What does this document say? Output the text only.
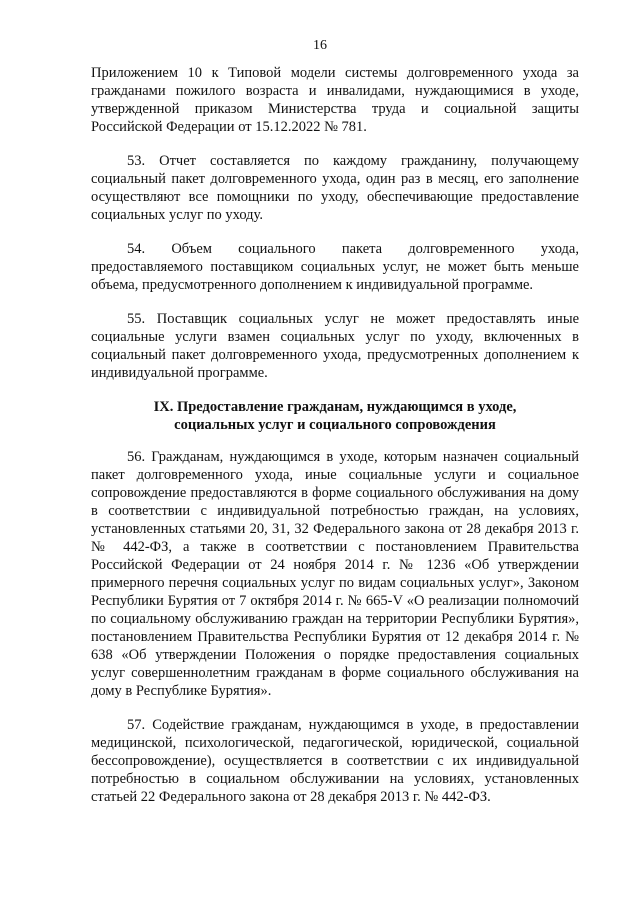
16

Приложением 10 к Типовой модели системы долговременного ухода за гражданами пожилого возраста и инвалидами, нуждающимися в уходе, утвержденной приказом Министерства труда и социальной защиты Российской Федерации от 15.12.2022 № 781.

53. Отчет составляется по каждому гражданину, получающему социальный пакет долговременного ухода, один раз в месяц, его заполнение осуществляют все помощники по уходу, обеспечивающие предоставление социальных услуг по уходу.

54. Объем социального пакета долговременного ухода, предоставляемого поставщиком социальных услуг, не может быть меньше объема, предусмотренного дополнением к индивидуальной программе.

55. Поставщик социальных услуг не может предоставлять иные социальные услуги взамен социальных услуг по уходу, включенных в социальный пакет долговременного ухода, предусмотренных дополнением к индивидуальной программе.

IX. Предоставление гражданам, нуждающимся в уходе,
социальных услуг и социального сопровождения

56. Гражданам, нуждающимся в уходе, которым назначен социальный пакет долговременного ухода, иные социальные услуги и социальное сопровождение предоставляются в форме социального обслуживания на дому в соответствии с индивидуальной потребностью граждан, на условиях, установленных статьями 20, 31, 32 Федерального закона от 28 декабря 2013 г. № 442-ФЗ, а также в соответствии с постановлением Правительства Российской Федерации от 24 ноября 2014 г. № 1236 «Об утверждении примерного перечня социальных услуг по видам социальных услуг», Законом Республики Бурятия от 7 октября 2014 г. № 665-V «О реализации полномочий по социальному обслуживанию граждан на территории Республики Бурятия», постановлением Правительства Республики Бурятия от 12 декабря 2014 г. № 638 «Об утверждении Положения о порядке предоставления социальных услуг совершеннолетним гражданам в форме социального обслуживания на дому в Республике Бурятия».

57. Содействие гражданам, нуждающимся в уходе, в предоставлении медицинской, психологической, педагогической, юридической, социальной бессопровождение), осуществляется в соответствии с их индивидуальной потребностью в социальном обслуживании на условиях, установленных статьей 22 Федерального закона от 28 декабря 2013 г. № 442-ФЗ.
